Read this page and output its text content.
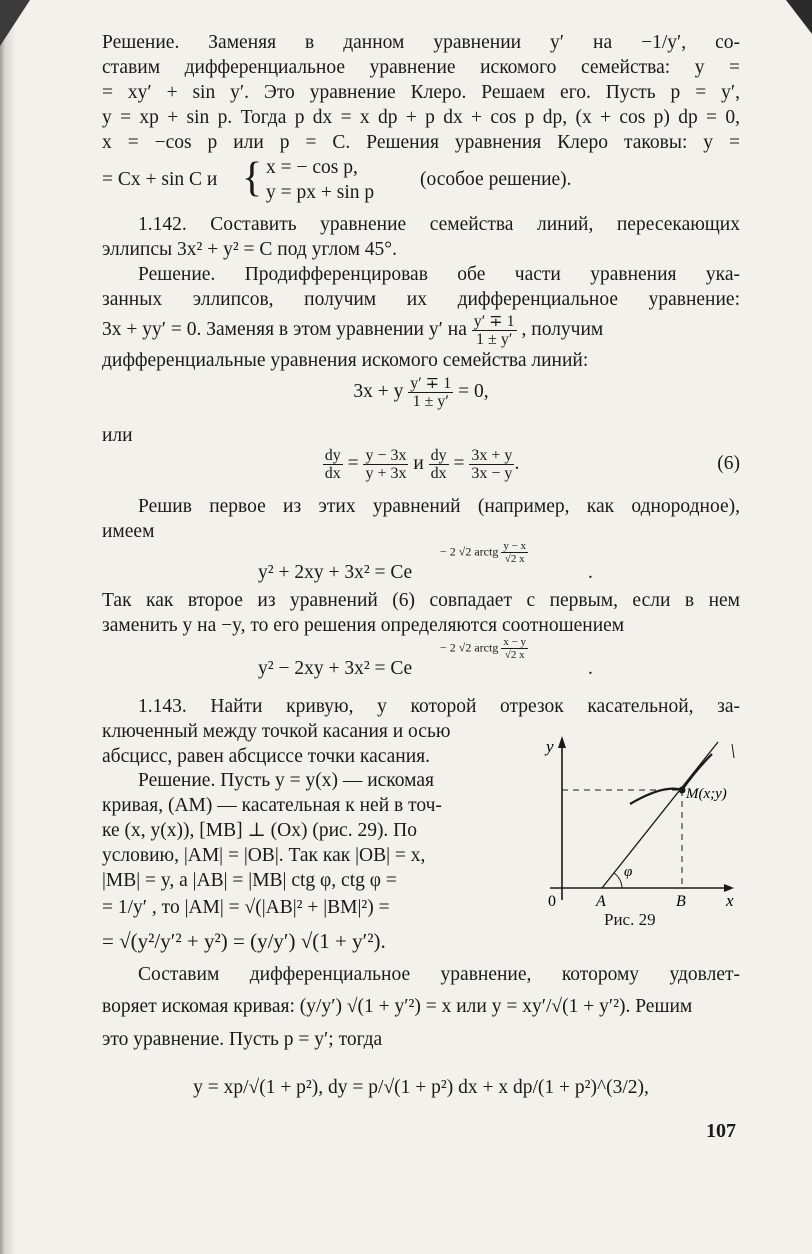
Решение. Заменяя в данном уравнении y′ на −1/y′, со-
ставим дифференциальное уравнение искомого семейства: y =
= xy′ + sin y′. Это уравнение Клеро. Решаем его. Пусть p = y′,
y = xp + sin p. Тогда p dx = x dp + p dx + cos p dp, (x + cos p) dp = 0,
x = −cos p или p = C. Решения уравнения Клеро таковы: y =
= Cx + sin C и { x = − cos p,
y = px + sin p
(особое решение).
1.142. Составить уравнение семейства линий, пересекающих
эллипсы 3x² + y² = C под углом 45°.
Решение. Продифференцировав обе части уравнения ука-
занных эллипсов, получим их дифференциальное уравнение:
3x + yy′ = 0. Заменяя в этом уравнении y′ на $\frac{y' \mp 1}{1 \pm y'}$ , получим
дифференциальные уравнения искомого семейства линий:
3x + y $\frac{y' \mp 1}{1 \pm y'} = 0$,
или
$\frac{dy}{dx} = \frac{y - 3x}{y + 3x}$ и $\frac{dy}{dx} = \frac{3x + y}{3x - y}$ .	(6)
Решив первое из этих уравнений (например, как однородное),
имеем
y² + 2xy + 3x² = Ce
− 2 √2 arctg $\frac{y - x}{√2 x}$
.
Так как второе из уравнений (6) совпадает с первым, если в нем
заменить y на −y, то его решения определяются соотношением
y² − 2xy + 3x² = Ce
− 2 √2 arctg $\frac{x - y}{√2 x}$
.
1.143. Найти кривую, у которой отрезок касательной, за-
ключенный между точкой касания и осью
абсцисс, равен абсциссе точки касания.
Решение. Пусть y = y(x) — искомая
кривая, (AM) — касательная к ней в точ-
ке (x, y(x)), [MB] ⊥ (Ox) (рис. 29). По
условию, |AM| = |OB|. Так как |OB| = x,
|MB| = y, а |AB| = |MB| ctg φ, ctg φ =
= 1/y′ , то |AM| = √(|AB|² + |BM|²) =
= √(y²/y′² + y²) = (y/y′) √(1 + y′²).
y
x
0	A	B
M(x;y)
φ
Рис. 29
Составим дифференциальное уравнение, которому удовлет-
воряет искомая кривая: (y/y′) √(1 + y′²) = x или y = xy′/√(1 + y′²). Решим
это уравнение. Пусть p = y′; тогда
y = xp/√(1 + p²), dy = p/√(1 + p²) dx + x dp/(1 + p²)^(3/2),
107
